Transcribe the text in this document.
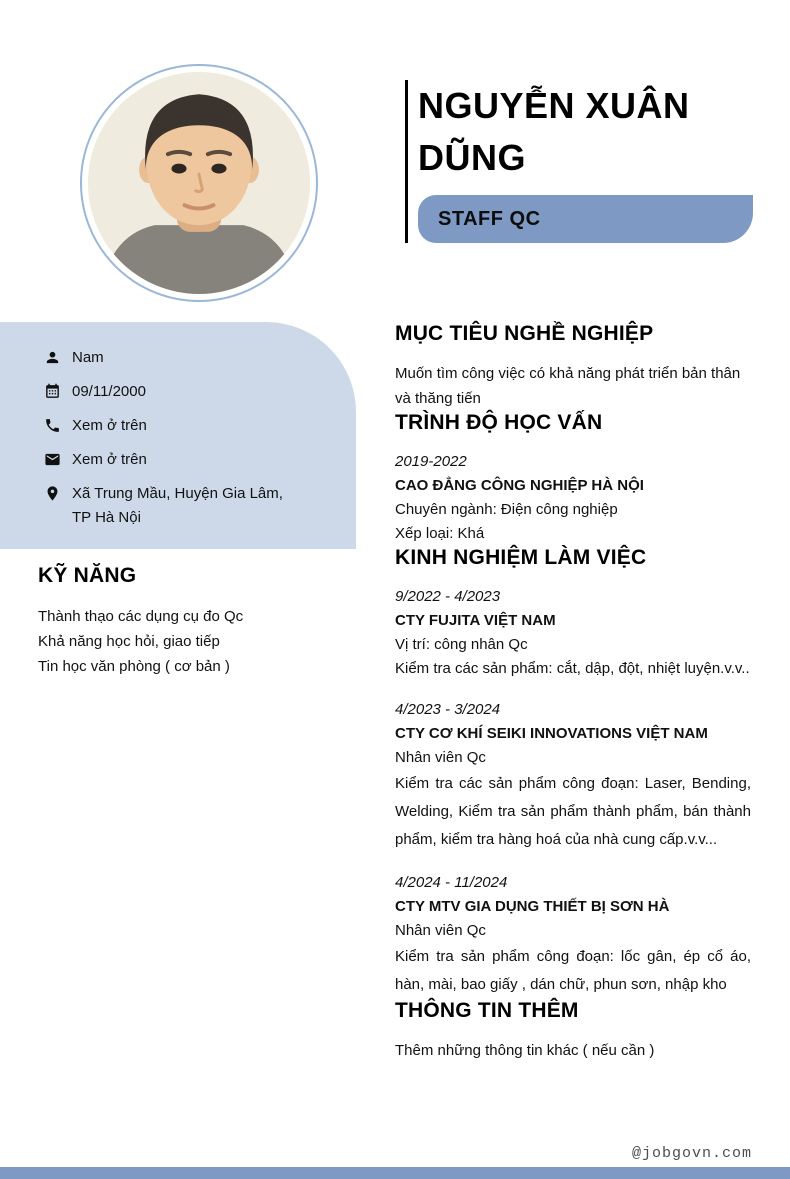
NGUYỄN XUÂN DŨNG
STAFF QC
Nam
09/11/2000
Xem ở trên
Xem ở trên
Xã Trung Mầu, Huyện Gia Lâm, TP Hà Nội
KỸ NĂNG
Thành thạo các dụng cụ đo Qc
Khả năng học hỏi, giao tiếp
Tin học văn phòng ( cơ bản )
MỤC TIÊU NGHỀ NGHIỆP
Muốn tìm công việc có khả năng phát triển bản thân và thăng tiến
TRÌNH ĐỘ HỌC VẤN
2019-2022
CAO ĐẲNG CÔNG NGHIỆP HÀ NỘI
Chuyên ngành: Điện công nghiệp
Xếp loại: Khá
KINH NGHIỆM LÀM VIỆC
9/2022 - 4/2023
CTY FUJITA VIỆT NAM
Vị trí: công nhân Qc
Kiểm tra các sản phẩm: cắt, dập, đột, nhiệt luyện.v.v..
4/2023 - 3/2024
CTY CƠ KHÍ SEIKI INNOVATIONS VIỆT NAM
Nhân viên Qc
Kiểm tra các sản phẩm công đoạn: Laser, Bending, Welding, Kiểm tra sản phẩm thành phẩm, bán thành phẩm, kiểm tra hàng hoá của nhà cung cấp.v.v...
4/2024 - 11/2024
CTY MTV GIA DỤNG THIẾT BỊ SƠN HÀ
Nhân viên Qc
Kiểm tra sản phẩm công đoạn: lốc gân, ép cổ áo, hàn, mài, bao giấy , dán chữ, phun sơn, nhập kho
THÔNG TIN THÊM
Thêm những thông tin khác ( nếu cần )
@jobgovn.com
